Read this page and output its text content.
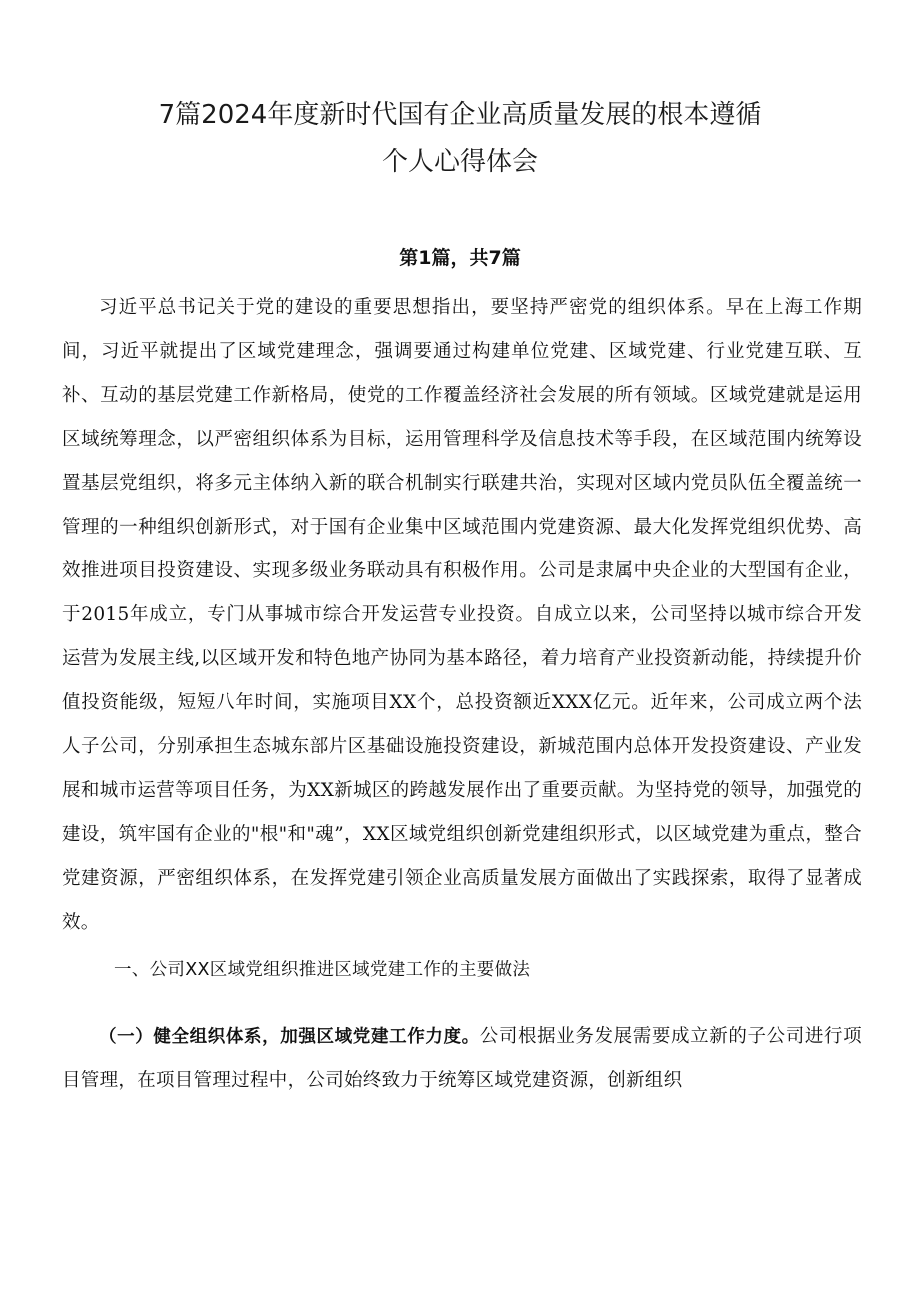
7篇2024年度新时代国有企业高质量发展的根本遵循
个人心得体会
第1篇，共7篇

习近平总书记关于党的建设的重要思想指出，要坚持严密党的组织体系。早在上海工作期间，习近平就提出了区域党建理念，强调要通过构建单位党建、区域党建、行业党建互联、互补、互动的基层党建工作新格局，使党的工作覆盖经济社会发展的所有领域。区域党建就是运用区域统筹理念，以严密组织体系为目标，运用管理科学及信息技术等手段，在区域范围内统筹设置基层党组织，将多元主体纳入新的联合机制实行联建共治，实现对区域内党员队伍全覆盖统一管理的一种组织创新形式，对于国有企业集中区域范围内党建资源、最大化发挥党组织优势、高效推进项目投资建设、实现多级业务联动具有积极作用。公司是隶属中央企业的大型国有企业，于2015年成立，专门从事城市综合开发运营专业投资。自成立以来，公司坚持以城市综合开发运营为发展主线,以区域开发和特色地产协同为基本路径，着力培育产业投资新动能，持续提升价值投资能级，短短八年时间，实施项目XX个，总投资额近XXX亿元。近年来，公司成立两个法人子公司，分别承担生态城东部片区基础设施投资建设，新城范围内总体开发投资建设、产业发展和城市运营等项目任务，为XX新城区的跨越发展作出了重要贡献。为坚持党的领导，加强党的建设，筑牢国有企业的"根"和"魂”，XX区域党组织创新党建组织形式，以区域党建为重点，整合党建资源，严密组织体系，在发挥党建引领企业高质量发展方面做出了实践探索，取得了显著成效。

一、公司XX区域党组织推进区域党建工作的主要做法

（一）健全组织体系，加强区域党建工作力度。公司根据业务发展需要成立新的子公司进行项目管理，在项目管理过程中，公司始终致力于统筹区域党建资源，创新组织
